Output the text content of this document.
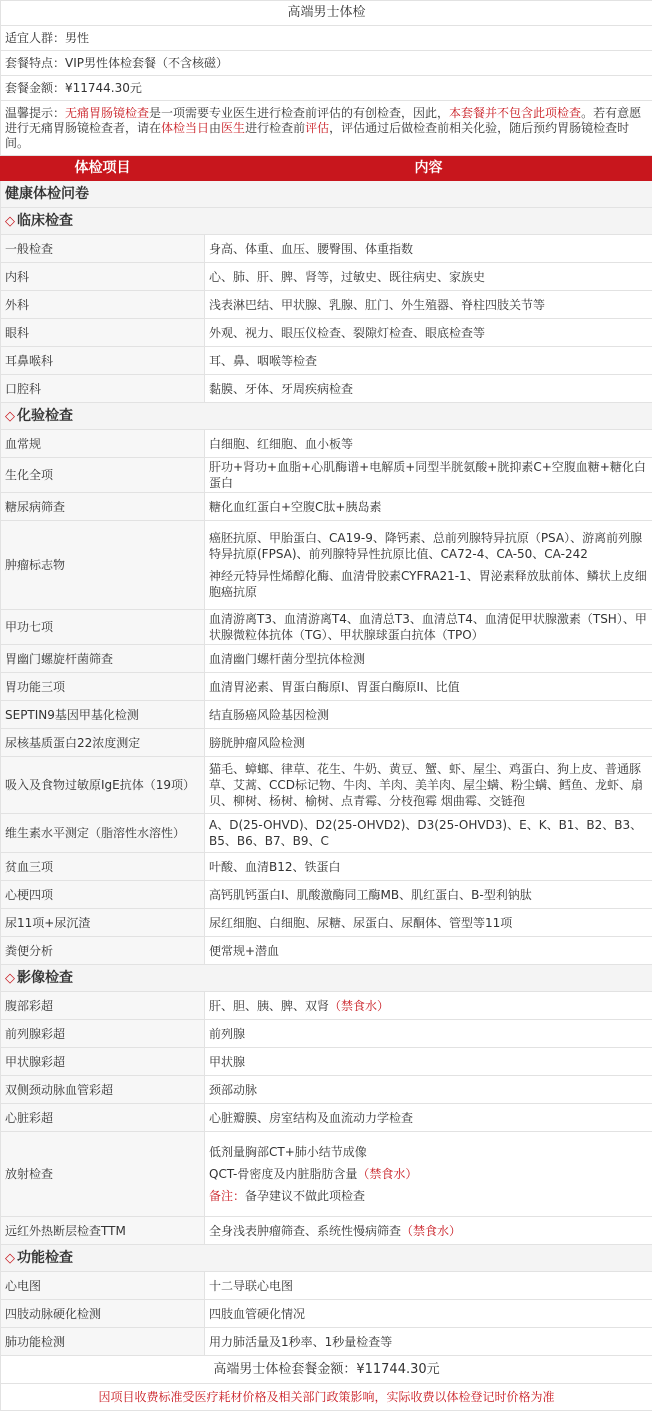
高端男士体检	
适宜人群：男性	
套餐特点：VIP男性体检套餐（不含核磁）	
套餐金额：¥11744.30元	
温馨提示：无痛胃肠镜检查是一项需要专业医生进行检查前评估的有创检查，因此，本套餐并不包含此项检查。若有意愿进行无痛胃肠镜检查者，请在体检当日由医生进行检查前评估，评估通过后做检查前相关化验，随后预约胃肠镜检查时间。	
体检项目	内容
健康体检问卷	
◇ 临床检查	
一般检查	身高、体重、血压、腰臀围、体重指数
内科	心、肺、肝、脾、肾等，过敏史、既往病史、家族史
外科	浅表淋巴结、甲状腺、乳腺、肛门、外生殖器、脊柱四肢关节等
眼科	外观、视力、眼压仪检查、裂隙灯检查、眼底检查等
耳鼻喉科	耳、鼻、咽喉等检查
口腔科	黏膜、牙体、牙周疾病检查
◇ 化验检查	
血常规	白细胞、红细胞、血小板等
生化全项	肝功+肾功+血脂+心肌酶谱+电解质+同型半胱氨酸+胱抑素C+空腹血糖+糖化白蛋白
糖尿病筛查	糖化血红蛋白+空腹C肽+胰岛素
肿瘤标志物	癌胚抗原、甲胎蛋白、CA19-9、降钙素、总前列腺特异抗原（PSA）、游离前列腺特异抗原(FPSA)、前列腺特异性抗原比值、CA72-4、CA-50、CA-242
神经元特异性烯醇化酶、血清骨胶素CYFRA21-1、胃泌素释放肽前体、鳞状上皮细胞癌抗原

甲功七项	血清游离T3、血清游离T4、血清总T3、血清总T4、血清促甲状腺激素（TSH）、甲状腺微粒体抗体（TG）、甲状腺球蛋白抗体（TPO）
胃幽门螺旋杆菌筛查	血清幽门螺杆菌分型抗体检测
胃功能三项	血清胃泌素、胃蛋白酶原I、胃蛋白酶原II、比值
SEPTIN9基因甲基化检测	结直肠癌风险基因检测
尿核基质蛋白22浓度测定	膀胱肿瘤风险检测
吸入及食物过敏原IgE抗体（19项）	猫毛、蟑螂、律草、花生、牛奶、黄豆、蟹、虾、屋尘、鸡蛋白、狗上皮、普通豚草、艾蒿、CCD标记物、牛肉、羊肉、美羊肉、屋尘螨、粉尘螨、鳕鱼、龙虾、扇贝、柳树、杨树、榆树、点青霉、分枝孢霉 烟曲霉、交链孢
维生素水平测定（脂溶性水溶性）	A、D(25-OHVD)、D2(25-OHVD2)、D3(25-OHVD3)、E、K、B1、B2、B3、B5、B6、B7、B9、C
贫血三项	叶酸、血清B12、铁蛋白
心梗四项	高钙肌钙蛋白I、肌酸激酶同工酶MB、肌红蛋白、B-型利钠肽
尿11项+尿沉渣	尿红细胞、白细胞、尿糖、尿蛋白、尿酮体、管型等11项
粪便分析	便常规+潜血
◇ 影像检查	
腹部彩超	肝、胆、胰、脾、双肾（禁食水）
前列腺彩超	前列腺
甲状腺彩超	甲状腺
双侧颈动脉血管彩超	颈部动脉
心脏彩超	心脏瓣膜、房室结构及血流动力学检查
放射检查	低剂量胸部CT+肺小结节成像
QCT-骨密度及内脏脂肪含量（禁食水）
备注：备孕建议不做此项检查

远红外热断层检查TTM	全身浅表肿瘤筛查、系统性慢病筛查（禁食水）
◇ 功能检查	
心电图	十二导联心电图
四肢动脉硬化检测	四肢血管硬化情况
肺功能检测	用力肺活量及1秒率、1秒量检查等
高端男士体检套餐金额：¥11744.30元	
因项目收费标准受医疗耗材价格及相关部门政策影响，实际收费以体检登记时价格为准	
